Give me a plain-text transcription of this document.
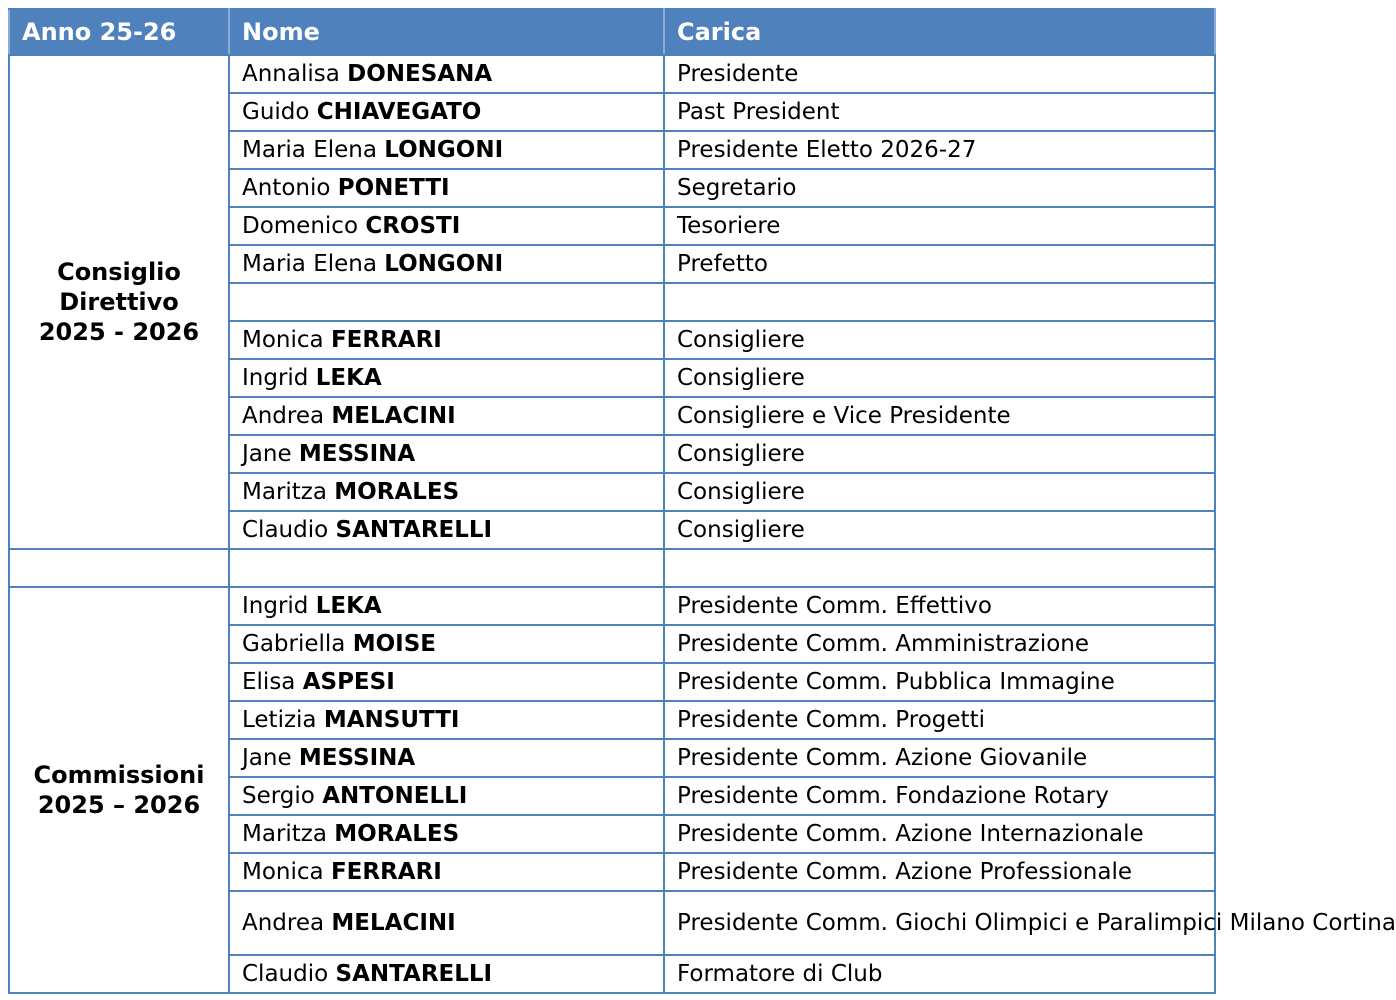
Anno 25-26	Nome	Carica

Consiglio
Direttivo
2025 - 2026	Annalisa DONESANA	Presidente
	Guido CHIAVEGATO	Past President
	Maria Elena LONGONI	Presidente Eletto 2026-27
	Antonio PONETTI	Segretario
	Domenico CROSTI	Tesoriere
	Maria Elena LONGONI	Prefetto

	Monica FERRARI	Consigliere
	Ingrid LEKA	Consigliere
	Andrea MELACINI	Consigliere e Vice Presidente
	Jane MESSINA	Consigliere
	Maritza MORALES	Consigliere
	Claudio SANTARELLI	Consigliere

Commissioni
2025 – 2026	Ingrid LEKA	Presidente Comm. Effettivo
	Gabriella MOISE	Presidente Comm. Amministrazione
	Elisa ASPESI	Presidente Comm. Pubblica Immagine
	Letizia MANSUTTI	Presidente Comm. Progetti
	Jane MESSINA	Presidente Comm. Azione Giovanile
	Sergio ANTONELLI	Presidente Comm. Fondazione Rotary
	Maritza MORALES	Presidente Comm. Azione Internazionale
	Monica FERRARI	Presidente Comm. Azione Professionale
	Andrea MELACINI	Presidente Comm. Giochi Olimpici e Paralimpici Milano Cortina
	Claudio SANTARELLI	Formatore di Club
